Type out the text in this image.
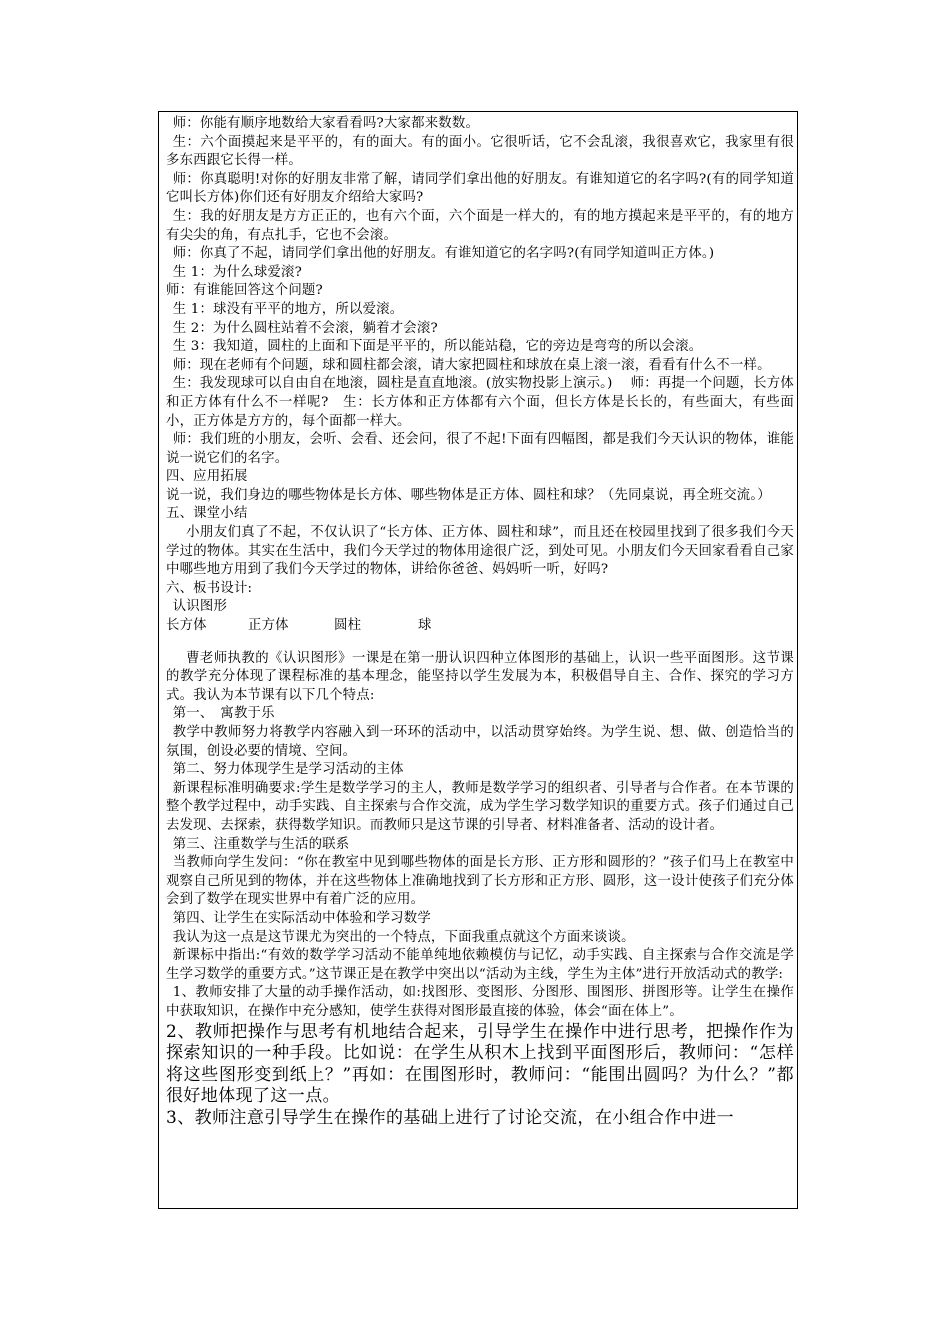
师：你能有顺序地数给大家看看吗?大家都来数数。

生：六个面摸起来是平平的，有的面大。有的面小。它很听话，它不会乱滚，我很喜欢它，我家里有很多东西跟它长得一样。

师：你真聪明!对你的好朋友非常了解，请同学们拿出他的好朋友。有谁知道它的名字吗?(有的同学知道它叫长方体)你们还有好朋友介绍给大家吗?

生：我的好朋友是方方正正的，也有六个面，六个面是一样大的，有的地方摸起来是平平的，有的地方有尖尖的角，有点扎手，它也不会滚。

师：你真了不起，请同学们拿出他的好朋友。有谁知道它的名字吗?(有同学知道叫正方体。)

生 1：为什么球爱滚?

师：有谁能回答这个问题?

生 1：球没有平平的地方，所以爱滚。

生 2：为什么圆柱站着不会滚，躺着才会滚?

生 3：我知道，圆柱的上面和下面是平平的，所以能站稳，它的旁边是弯弯的所以会滚。

师：现在老师有个问题，球和圆柱都会滚，请大家把圆柱和球放在桌上滚一滚，看看有什么不一样。

生：我发现球可以自由自在地滚，圆柱是直直地滚。(放实物投影上演示。)　 师：再提一个问题，长方体和正方体有什么不一样呢?　生：长方体和正方体都有六个面，但长方体是长长的，有些面大，有些面小，正方体是方方的，每个面都一样大。

师：我们班的小朋友，会听、会看、还会问，很了不起!下面有四幅图，都是我们今天认识的物体，谁能说一说它们的名字。

四、应用拓展

说一说，我们身边的哪些物体是长方体、哪些物体是正方体、圆柱和球？（先同桌说，再全班交流。）

五、课堂小结

小朋友们真了不起，不仅认识了“长方体、正方体、圆柱和球”，而且还在校园里找到了很多我们今天学过的物体。其实在生活中，我们今天学过的物体用途很广泛，到处可见。小朋友们今天回家看看自己家中哪些地方用到了我们今天学过的物体，讲给你爸爸、妈妈听一听，好吗?

六、板书设计:

认识图形

长方体	正方体	圆柱	球

曹老师执教的《认识图形》一课是在第一册认识四种立体图形的基础上，认识一些平面图形。这节课的教学充分体现了课程标准的基本理念，能坚持以学生发展为本，积极倡导自主、合作、探究的学习方式。我认为本节课有以下几个特点:

第一、　寓教于乐

教学中教师努力将教学内容融入到一环环的活动中，以活动贯穿始终。为学生说、想、做、创造恰当的氛围，创设必要的情境、空间。

第二、努力体现学生是学习活动的主体

新课程标准明确要求:学生是数学学习的主人，教师是数学学习的组织者、引导者与合作者。在本节课的整个教学过程中，动手实践、自主探索与合作交流，成为学生学习数学知识的重要方式。孩子们通过自己去发现、去探索，获得数学知识。而教师只是这节课的引导者、材料准备者、活动的设计者。

第三、注重数学与生活的联系

当教师向学生发问：“你在教室中见到哪些物体的面是长方形、正方形和圆形的？”孩子们马上在教室中观察自己所见到的物体，并在这些物体上准确地找到了长方形和正方形、圆形，这一设计使孩子们充分体会到了数学在现实世界中有着广泛的应用。

第四、让学生在实际活动中体验和学习数学

我认为这一点是这节课尤为突出的一个特点，下面我重点就这个方面来谈谈。

新课标中指出:“有效的数学学习活动不能单纯地依赖模仿与记忆，动手实践、自主探索与合作交流是学生学习数学的重要方式。”这节课正是在教学中突出以“活动为主线，学生为主体”进行开放活动式的教学:

1、教师安排了大量的动手操作活动，如:找图形、变图形、分图形、围图形、拼图形等。让学生在操作中获取知识，在操作中充分感知，使学生获得对图形最直接的体验，体会“面在体上”。

2、教师把操作与思考有机地结合起来，引导学生在操作中进行思考，把操作作为探索知识的一种手段。比如说：在学生从积木上找到平面图形后，教师问：“怎样将这些图形变到纸上？”再如：在围图形时，教师问：“能围出圆吗？为什么？”都很好地体现了这一点。

3、教师注意引导学生在操作的基础上进行了讨论交流，在小组合作中进一
